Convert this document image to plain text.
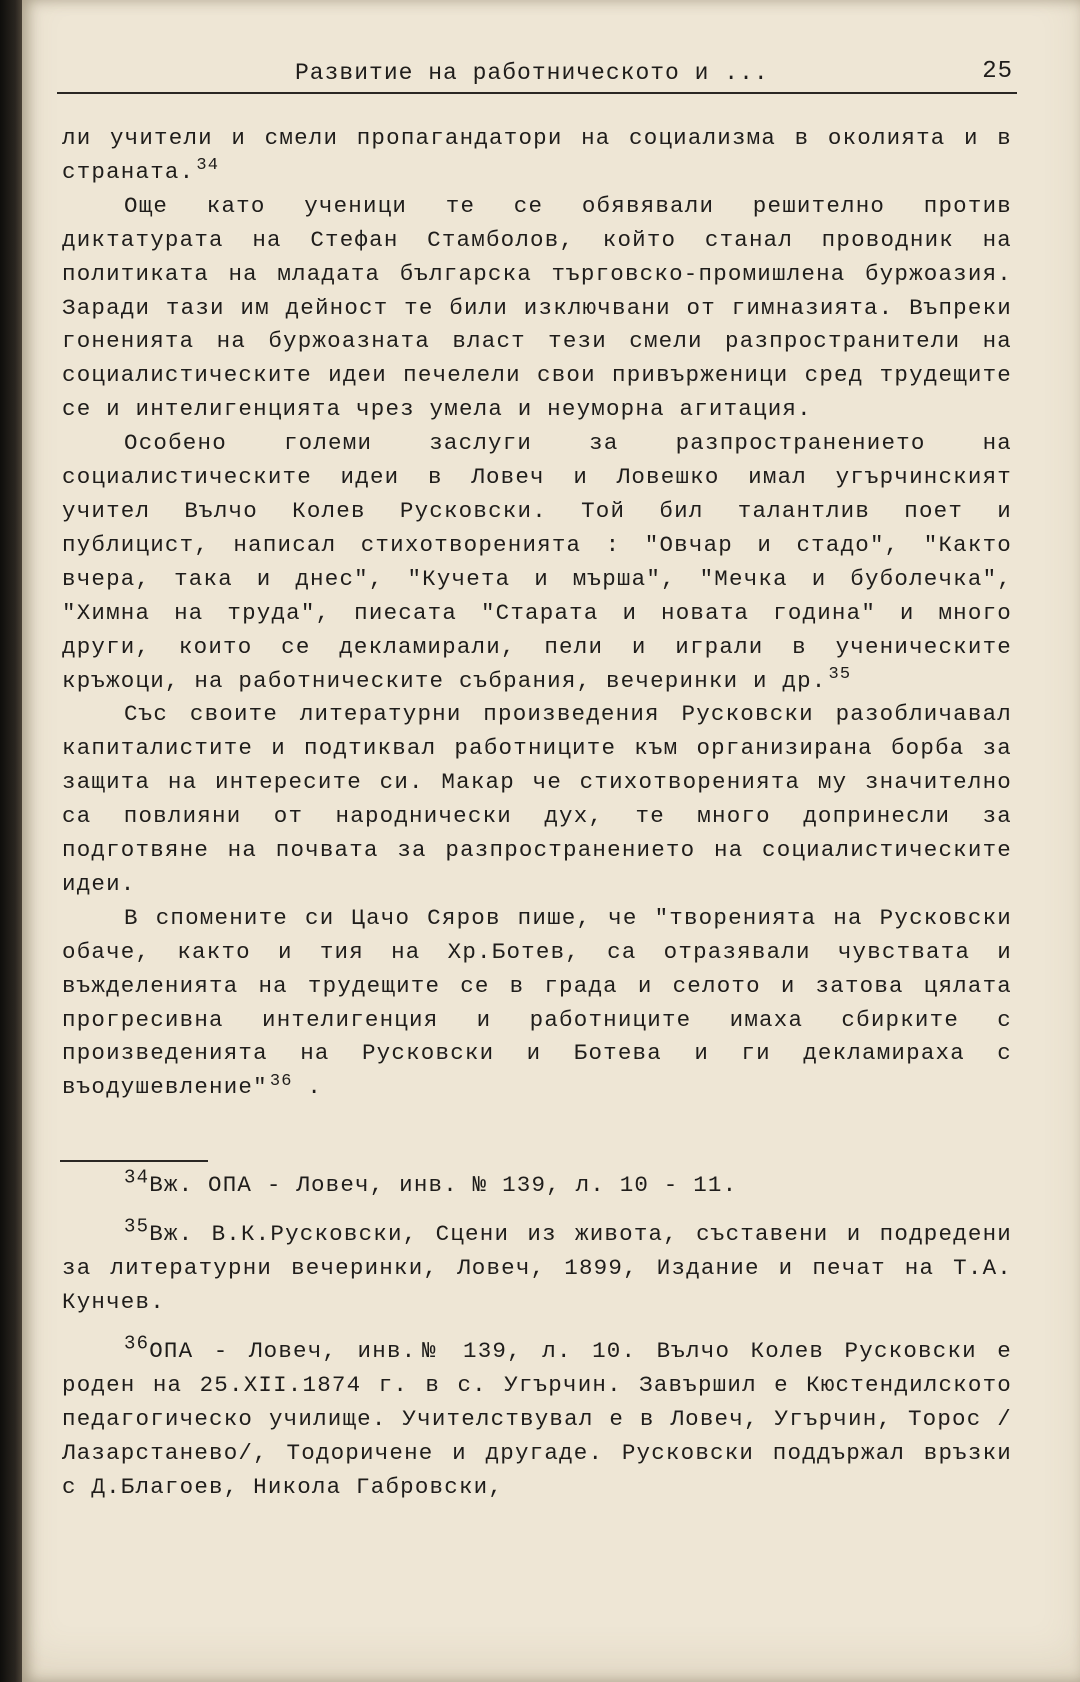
Развитие на работническото и ...	25

ли учители и смели пропагандатори на социализма в околията и в страната. $^{34}$

Още като ученици те се обявявали решително против диктатурата на Стефан Стамболов, който станал проводник на политиката на младата българска търговско-промишлена буржоазия. Заради тази им дейност те били изключвани от гимназията. Въпреки гоненията на буржоазната власт тези смели разпространители на социалистическите идеи печелели свои привърженици сред трудещите се и интелигенцията чрез умела и неуморна агитация.

Особено големи заслуги за разпространението на социалистическите идеи в Ловеч и Ловешко имал угърчинският учител Вълчо Колев Русковски. Той бил талантлив поет и публицист, написал стихотворенията : "Овчар и стадо", "Както вчера, така и днес", "Кучета и мърша", "Мечка и буболечка", "Химна на труда", пиесата "Старата и новата година" и много други, които се декламирали, пели и играли в ученическите кръжоци, на работническите събрания, вечеринки и др. $^{35}$

Със своите литературни произведения Русковски разобличавал капиталистите и подтиквал работниците към организирана борба за защита на интересите си. Макар че стихотворенията му значително са повлияни от народнически дух, те много допринесли за подготвяне на почвата за разпространението на социалистическите идеи.

В спомените си Цачо Сяров пише, че "творенията на Русковски обаче, както и тия на Хр.Ботев, са отразявали чувствата и въжделенията на трудещите се в града и селото и затова цялата прогресивна интелигенция и работниците имаха сбирките с произведенията на Русковски и Ботева и ги декламираха с въодушевление" $^{36}$ .

$^{34}$Вж. ОПА - Ловеч, инв. № 139, л. 10 - 11.

$^{35}$Вж. В.К.Русковски, Сцени из живота, съставени и подредени за литературни вечеринки, Ловеч, 1899, Издание и печат на Т.А. Кунчев.

$^{36}$ОПА - Ловеч, инв.№ 139, л. 10. Вълчо Колев Русковски е роден на 25.XII.1874 г. в с. Угърчин. Завършил е Кюстендилското педагогическо училище. Учителствувал е в Ловеч, Угърчин, Торос /Лазарстанево/, Тодоричене и другаде. Русковски поддържал връзки с Д.Благоев, Никола Габровски,
